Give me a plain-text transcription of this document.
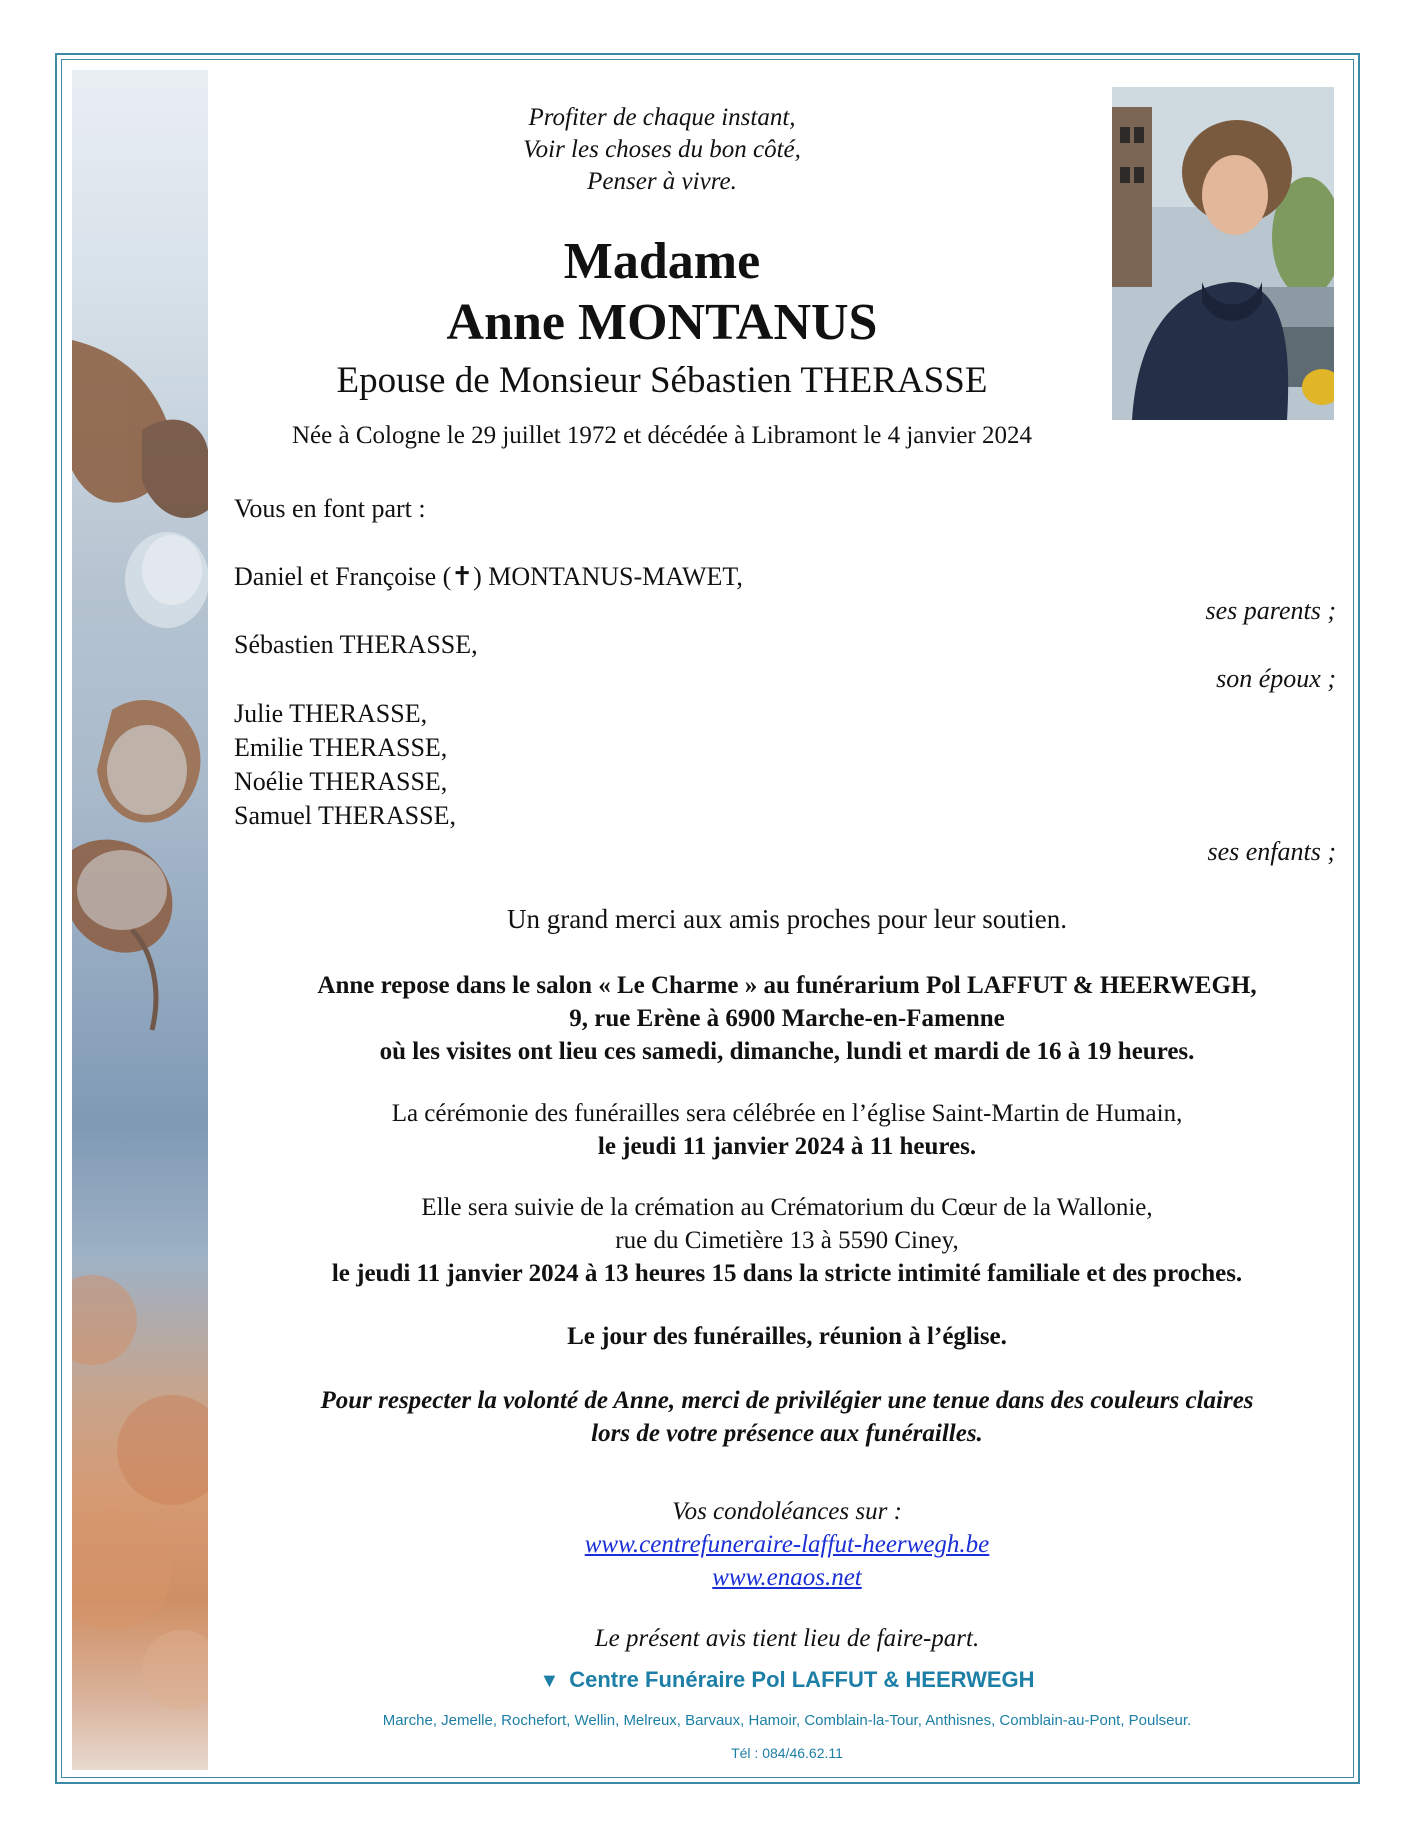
Profiter de chaque instant,
Voir les choses du bon côté,
Penser à vivre.
Madame
Anne MONTANUS
Epouse de Monsieur Sébastien THERASSE
Née à Cologne le 29 juillet 1972 et décédée à Libramont le 4 janvier 2024
Vous en font part :
Daniel et Françoise (✝) MONTANUS-MAWET,
ses parents ;
Sébastien THERASSE,
son époux ;
Julie THERASSE,
Emilie THERASSE,
Noélie THERASSE,
Samuel THERASSE,
ses enfants ;
Un grand merci aux amis proches pour leur soutien.
Anne repose dans le salon « Le Charme » au funérarium Pol LAFFUT & HEERWEGH,
9, rue Erène à 6900 Marche-en-Famenne
où les visites ont lieu ces samedi, dimanche, lundi et mardi de 16 à 19 heures.
La cérémonie des funérailles sera célébrée en l’église Saint-Martin de Humain,
le jeudi 11 janvier 2024 à 11 heures.
Elle sera suivie de la crémation au Crématorium du Cœur de la Wallonie,
rue du Cimetière 13 à 5590 Ciney,
le jeudi 11 janvier 2024 à 13 heures 15 dans la stricte intimité familiale et des proches.
Le jour des funérailles, réunion à l’église.
Pour respecter la volonté de Anne, merci de privilégier une tenue dans des couleurs claires
lors de votre présence aux funérailles.
Vos condoléances sur :
www.centrefuneraire-laffut-heerwegh.be
www.enaos.net
Le présent avis tient lieu de faire-part.
▼ Centre Funéraire Pol LAFFUT & HEERWEGH
Marche, Jemelle, Rochefort, Wellin, Melreux, Barvaux, Hamoir, Comblain-la-Tour, Anthisnes, Comblain-au-Pont, Poulseur.
Tél : 084/46.62.11
